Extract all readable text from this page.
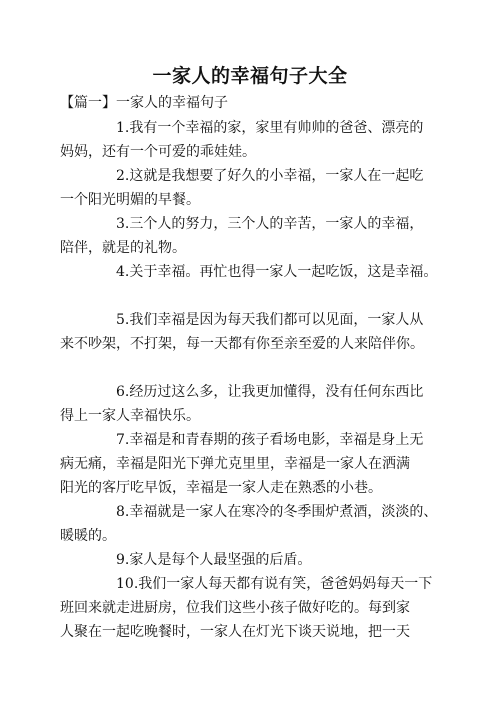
一家人的幸福句子大全
【篇一】一家人的幸福句子
1.我有一个幸福的家，家里有帅帅的爸爸、漂亮的
妈妈，还有一个可爱的乖娃娃。
2.这就是我想要了好久的小幸福，一家人在一起吃
一个阳光明媚的早餐。
3.三个人的努力，三个人的辛苦，一家人的幸福，
陪伴，就是的礼物。
4.关于幸福。再忙也得一家人一起吃饭，这是幸福。
5.我们幸福是因为每天我们都可以见面，一家人从
来不吵架，不打架，每一天都有你至亲至爱的人来陪伴你。
6.经历过这么多，让我更加懂得，没有任何东西比
得上一家人幸福快乐。
7.幸福是和青春期的孩子看场电影，幸福是身上无
病无痛，幸福是阳光下弹尤克里里，幸福是一家人在洒满
阳光的客厅吃早饭，幸福是一家人走在熟悉的小巷。
8.幸福就是一家人在寒冷的冬季围炉煮酒，淡淡的、
暖暖的。
9.家人是每个人最坚强的后盾。
10.我们一家人每天都有说有笑，爸爸妈妈每天一下
班回来就走进厨房，位我们这些小孩子做好吃的。每到家
人聚在一起吃晚餐时，一家人在灯光下谈天说地，把一天
